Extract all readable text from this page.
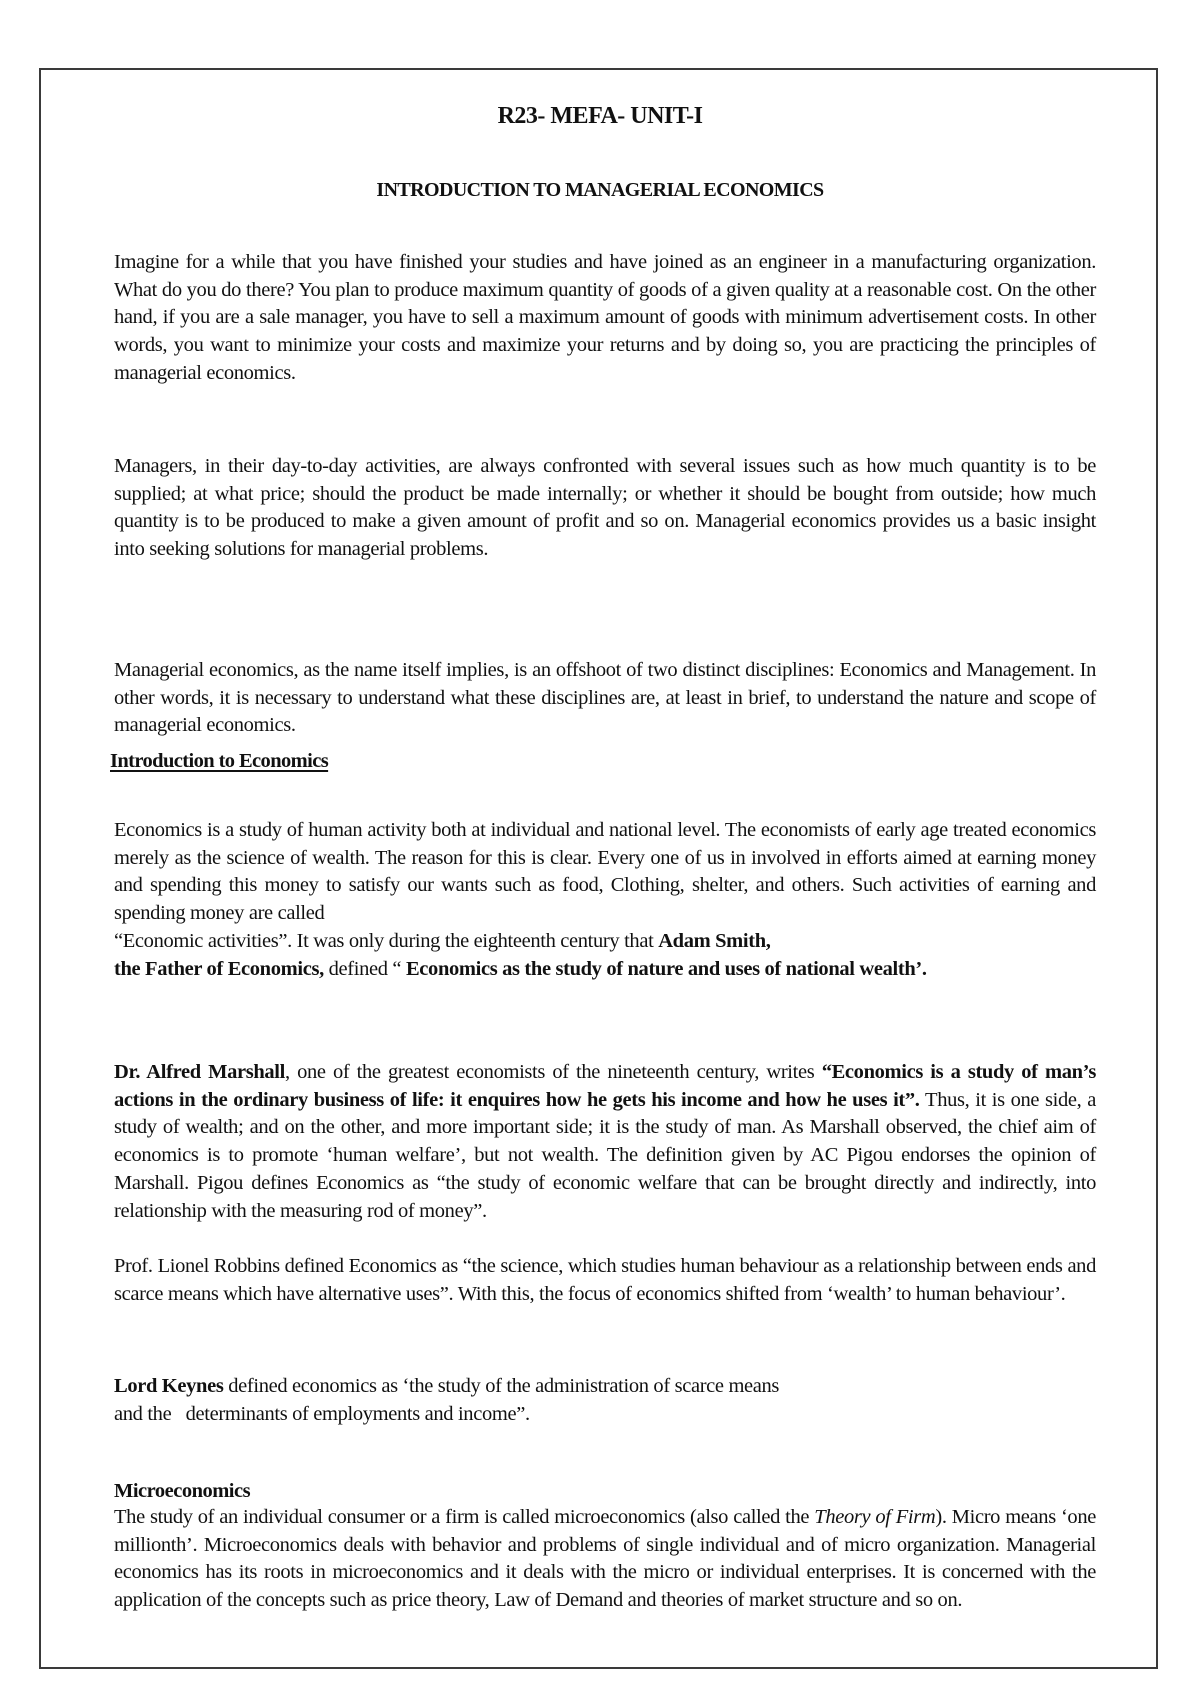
R23- MEFA- UNIT-I
INTRODUCTION TO MANAGERIAL ECONOMICS

Imagine for a while that you have finished your studies and have joined as an engineer in a manufacturing organization. What do you do there? You plan to produce maximum quantity of goods of a given quality at a reasonable cost. On the other hand, if you are a sale manager, you have to sell a maximum amount of goods with minimum advertisement costs. In other words, you want to minimize your costs and maximize your returns and by doing so, you are practicing the principles of managerial economics.

Managers, in their day-to-day activities, are always confronted with several issues such as how much quantity is to be supplied; at what price; should the product be made internally; or whether it should be bought from outside; how much quantity is to be produced to make a given amount of profit and so on. Managerial economics provides us a basic insight into seeking solutions for managerial problems.

Managerial economics, as the name itself implies, is an offshoot of two distinct disciplines: Economics and Management. In other words, it is necessary to understand what these disciplines are, at least in brief, to understand the nature and scope of managerial economics.

Introduction to Economics
Economics is a study of human activity both at individual and national level. The economists of early age treated economics merely as the science of wealth. The reason for this is clear. Every one of us in involved in efforts aimed at earning money and spending this money to satisfy our wants such as food, Clothing, shelter, and others. Such activities of earning and spending money are called
“Economic activities”. It was only during the eighteenth century that Adam Smith,
the Father of Economics, defined “ Economics as the study of nature and uses of national wealth’.

Dr. Alfred Marshall, one of the greatest economists of the nineteenth century, writes “Economics is a study of man’s actions in the ordinary business of life: it enquires how he gets his income and how he uses it”. Thus, it is one side, a study of wealth; and on the other, and more important side; it is the study of man. As Marshall observed, the chief aim of economics is to promote ‘human welfare’, but not wealth. The definition given by AC Pigou endorses the opinion of Marshall. Pigou defines Economics as “the study of economic welfare that can be brought directly and indirectly, into relationship with the measuring rod of money”.

Prof. Lionel Robbins defined Economics as “the science, which studies human behaviour as a relationship between ends and scarce means which have alternative uses”. With this, the focus of economics shifted from ‘wealth’ to human behaviour’.

Lord Keynes defined economics as ‘the study of the administration of scarce means
and the   determinants of employments and income”.
Microeconomics

The study of an individual consumer or a firm is called microeconomics (also called the Theory of Firm). Micro means ‘one millionth’. Microeconomics deals with behavior and problems of single individual and of micro organization. Managerial economics has its roots in microeconomics and it deals with the micro or individual enterprises. It is concerned with the application of the concepts such as price theory, Law of Demand and theories of market structure and so on.
